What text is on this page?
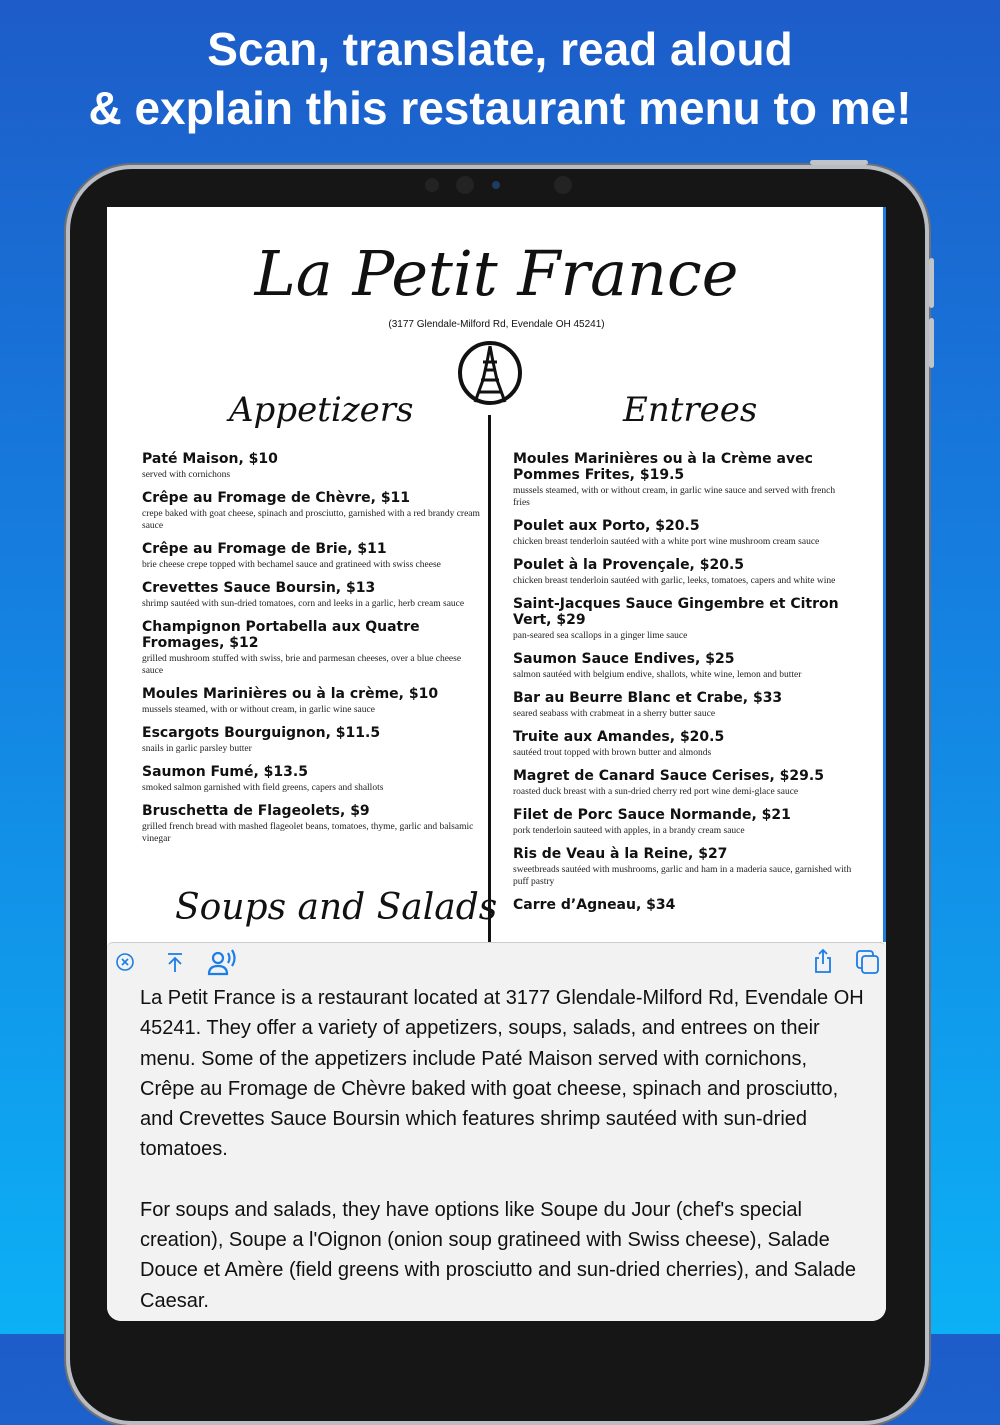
Scan, translate, read aloud
& explain this restaurant menu to me!
La Petit France
(3177 Glendale-Milford Rd, Evendale OH 45241)
Appetizers	Entrees
Paté Maison, $10
served with cornichons
Crêpe au Fromage de Chèvre, $11
crepe baked with goat cheese, spinach and prosciutto, garnished with a red brandy cream sauce
Crêpe au Fromage de Brie, $11
brie cheese crepe topped with bechamel sauce and gratineed with swiss cheese
Crevettes Sauce Boursin, $13
shrimp sautéed with sun-dried tomatoes, corn and leeks in a garlic, herb cream sauce
Champignon Portabella aux Quatre Fromages, $12
grilled mushroom stuffed with swiss, brie and parmesan cheeses, over a blue cheese sauce
Moules Marinières ou à la crème, $10
mussels steamed, with or without cream, in garlic wine sauce
Escargots Bourguignon, $11.5
snails in garlic parsley butter
Saumon Fumé, $13.5
smoked salmon garnished with field greens, capers and shallots
Bruschetta de Flageolets, $9
grilled french bread with mashed flageolet beans, tomatoes, thyme, garlic and balsamic vinegar
Moules Marinières ou à la Crème avec Pommes Frites, $19.5
mussels steamed, with or without cream, in garlic wine sauce and served with french fries
Poulet aux Porto, $20.5
chicken breast tenderloin sautéed with a white port wine mushroom cream sauce
Poulet à la Provençale, $20.5
chicken breast tenderloin sautéed with garlic, leeks, tomatoes, capers and white wine
Saint-Jacques Sauce Gingembre et Citron Vert, $29
pan-seared sea scallops in a ginger lime sauce
Saumon Sauce Endives, $25
salmon sautéed with belgium endive, shallots, white wine, lemon and butter
Bar au Beurre Blanc et Crabe, $33
seared seabass with crabmeat in a sherry butter sauce
Truite aux Amandes, $20.5
sautéed trout topped with brown butter and almonds
Magret de Canard Sauce Cerises, $29.5
roasted duck breast with a sun-dried cherry red port wine demi-glace sauce
Filet de Porc Sauce Normande, $21
pork tenderloin sauteed with apples, in a brandy cream sauce
Ris de Veau à la Reine, $27
sweetbreads sautéed with mushrooms, garlic and ham in a maderia sauce, garnished with puff pastry
Carre d’Agneau, $34
Soups and Salads

La Petit France is a restaurant located at 3177 Glendale-Milford Rd, Evendale OH 45241. They offer a variety of appetizers, soups, salads, and entrees on their menu. Some of the appetizers include Paté Maison served with cornichons, Crêpe au Fromage de Chèvre baked with goat cheese, spinach and prosciutto, and Crevettes Sauce Boursin which features shrimp sautéed with sun-dried tomatoes.

For soups and salads, they have options like Soupe du Jour (chef's special creation), Soupe a l'Oignon (onion soup gratineed with Swiss cheese), Salade Douce et Amère (field greens with prosciutto and sun-dried cherries), and Salade Caesar.
